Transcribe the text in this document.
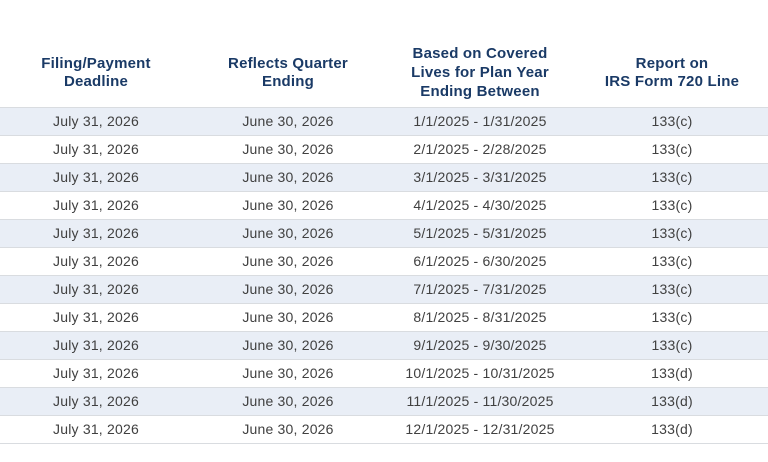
Filing/Payment Deadline	Reflects Quarter Ending	Based on Covered
Lives for Plan Year
Ending Between	Report on
IRS Form 720 Line
July 31, 2026	June 30, 2026	1/1/2025 - 1/31/2025	133(c)
July 31, 2026	June 30, 2026	2/1/2025 - 2/28/2025	133(c)
July 31, 2026	June 30, 2026	3/1/2025 - 3/31/2025	133(c)
July 31, 2026	June 30, 2026	4/1/2025 - 4/30/2025	133(c)
July 31, 2026	June 30, 2026	5/1/2025 - 5/31/2025	133(c)
July 31, 2026	June 30, 2026	6/1/2025 - 6/30/2025	133(c)
July 31, 2026	June 30, 2026	7/1/2025 - 7/31/2025	133(c)
July 31, 2026	June 30, 2026	8/1/2025 - 8/31/2025	133(c)
July 31, 2026	June 30, 2026	9/1/2025 - 9/30/2025	133(c)
July 31, 2026	June 30, 2026	10/1/2025 - 10/31/2025	133(d)
July 31, 2026	June 30, 2026	11/1/2025 - 11/30/2025	133(d)
July 31, 2026	June 30, 2026	12/1/2025 - 12/31/2025	133(d)
